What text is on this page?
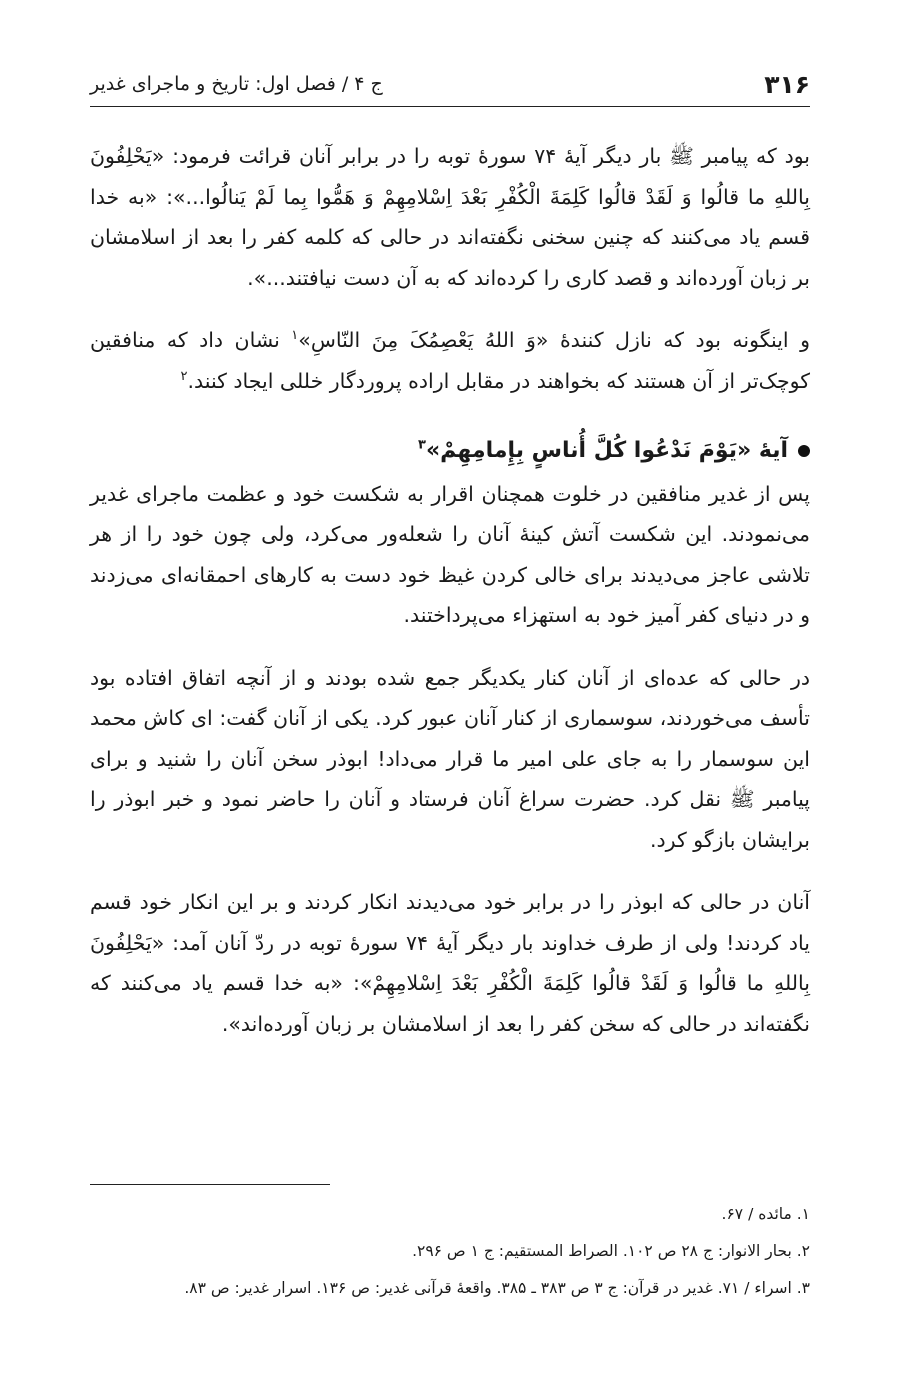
۳۱۶
ج ۴ / فصل اول: تاریخ و ماجرای غدیر

بود که پیامبر ﷺ بار دیگر آیهٔ ۷۴ سورهٔ توبه را در برابر آنان قرائت فرمود: «یَحْلِفُونَ بِاللهِ ما قالُوا وَ لَقَدْ قالُوا کَلِمَةَ الْکُفْرِ بَعْدَ اِسْلامِهِمْ وَ هَمُّوا بِما لَمْ یَنالُوا...»: «به خدا قسم یاد می‌کنند که چنین سخنی نگفته‌اند در حالی که کلمه کفر را بعد از اسلامشان بر زبان آورده‌اند و قصد کاری را کرده‌اند که به آن دست نیافتند...».

و اینگونه بود که نازل کنندهٔ «وَ اللهُ یَعْصِمُکَ مِنَ النّاسِ»$^۱$ نشان داد که منافقین کوچک‌تر از آن هستند که بخواهند در مقابل اراده پروردگار خللی ایجاد کنند.$^۲$

آیهٔ «یَوْمَ نَدْعُوا کُلَّ أُناسٍ بِإِمامِهِمْ»$^۳$

پس از غدیر منافقین در خلوت همچنان اقرار به شکست خود و عظمت ماجرای غدیر می‌نمودند. این شکست آتش کینهٔ آنان را شعله‌ور می‌کرد، ولی چون خود را از هر تلاشی عاجز می‌دیدند برای خالی کردن غیظ خود دست به کارهای احمقانه‌ای می‌زدند و در دنیای کفر آمیز خود به استهزاء می‌پرداختند.

در حالی که عده‌ای از آنان کنار یکدیگر جمع شده بودند و از آنچه اتفاق افتاده بود تأسف می‌خوردند، سوسماری از کنار آنان عبور کرد. یکی از آنان گفت: ای کاش محمد این سوسمار را به جای علی امیر ما قرار می‌داد! ابوذر سخن آنان را شنید و برای پیامبر ﷺ نقل کرد. حضرت سراغ آنان فرستاد و آنان را حاضر نمود و خبر ابوذر را برایشان بازگو کرد.

آنان در حالی که ابوذر را در برابر خود می‌دیدند انکار کردند و بر این انکار خود قسم یاد کردند! ولی از طرف خداوند بار دیگر آیهٔ ۷۴ سورهٔ توبه در ردّ آنان آمد: «یَحْلِفُونَ بِاللهِ ما قالُوا وَ لَقَدْ قالُوا کَلِمَةَ الْکُفْرِ بَعْدَ اِسْلامِهِمْ»: «به خدا قسم یاد می‌کنند که نگفته‌اند در حالی که سخن کفر را بعد از اسلامشان بر زبان آورده‌اند».

۱. مائده / ۶۷.
۲. بحار الانوار: ج ۲۸ ص ۱۰۲. الصراط المستقیم: ج ۱ ص ۲۹۶.
۳. اسراء / ۷۱. غدیر در قرآن: ج ۳ ص ۳۸۳ ـ ۳۸۵. واقعهٔ قرآنی غدیر: ص ۱۳۶. اسرار غدیر: ص ۸۳.
